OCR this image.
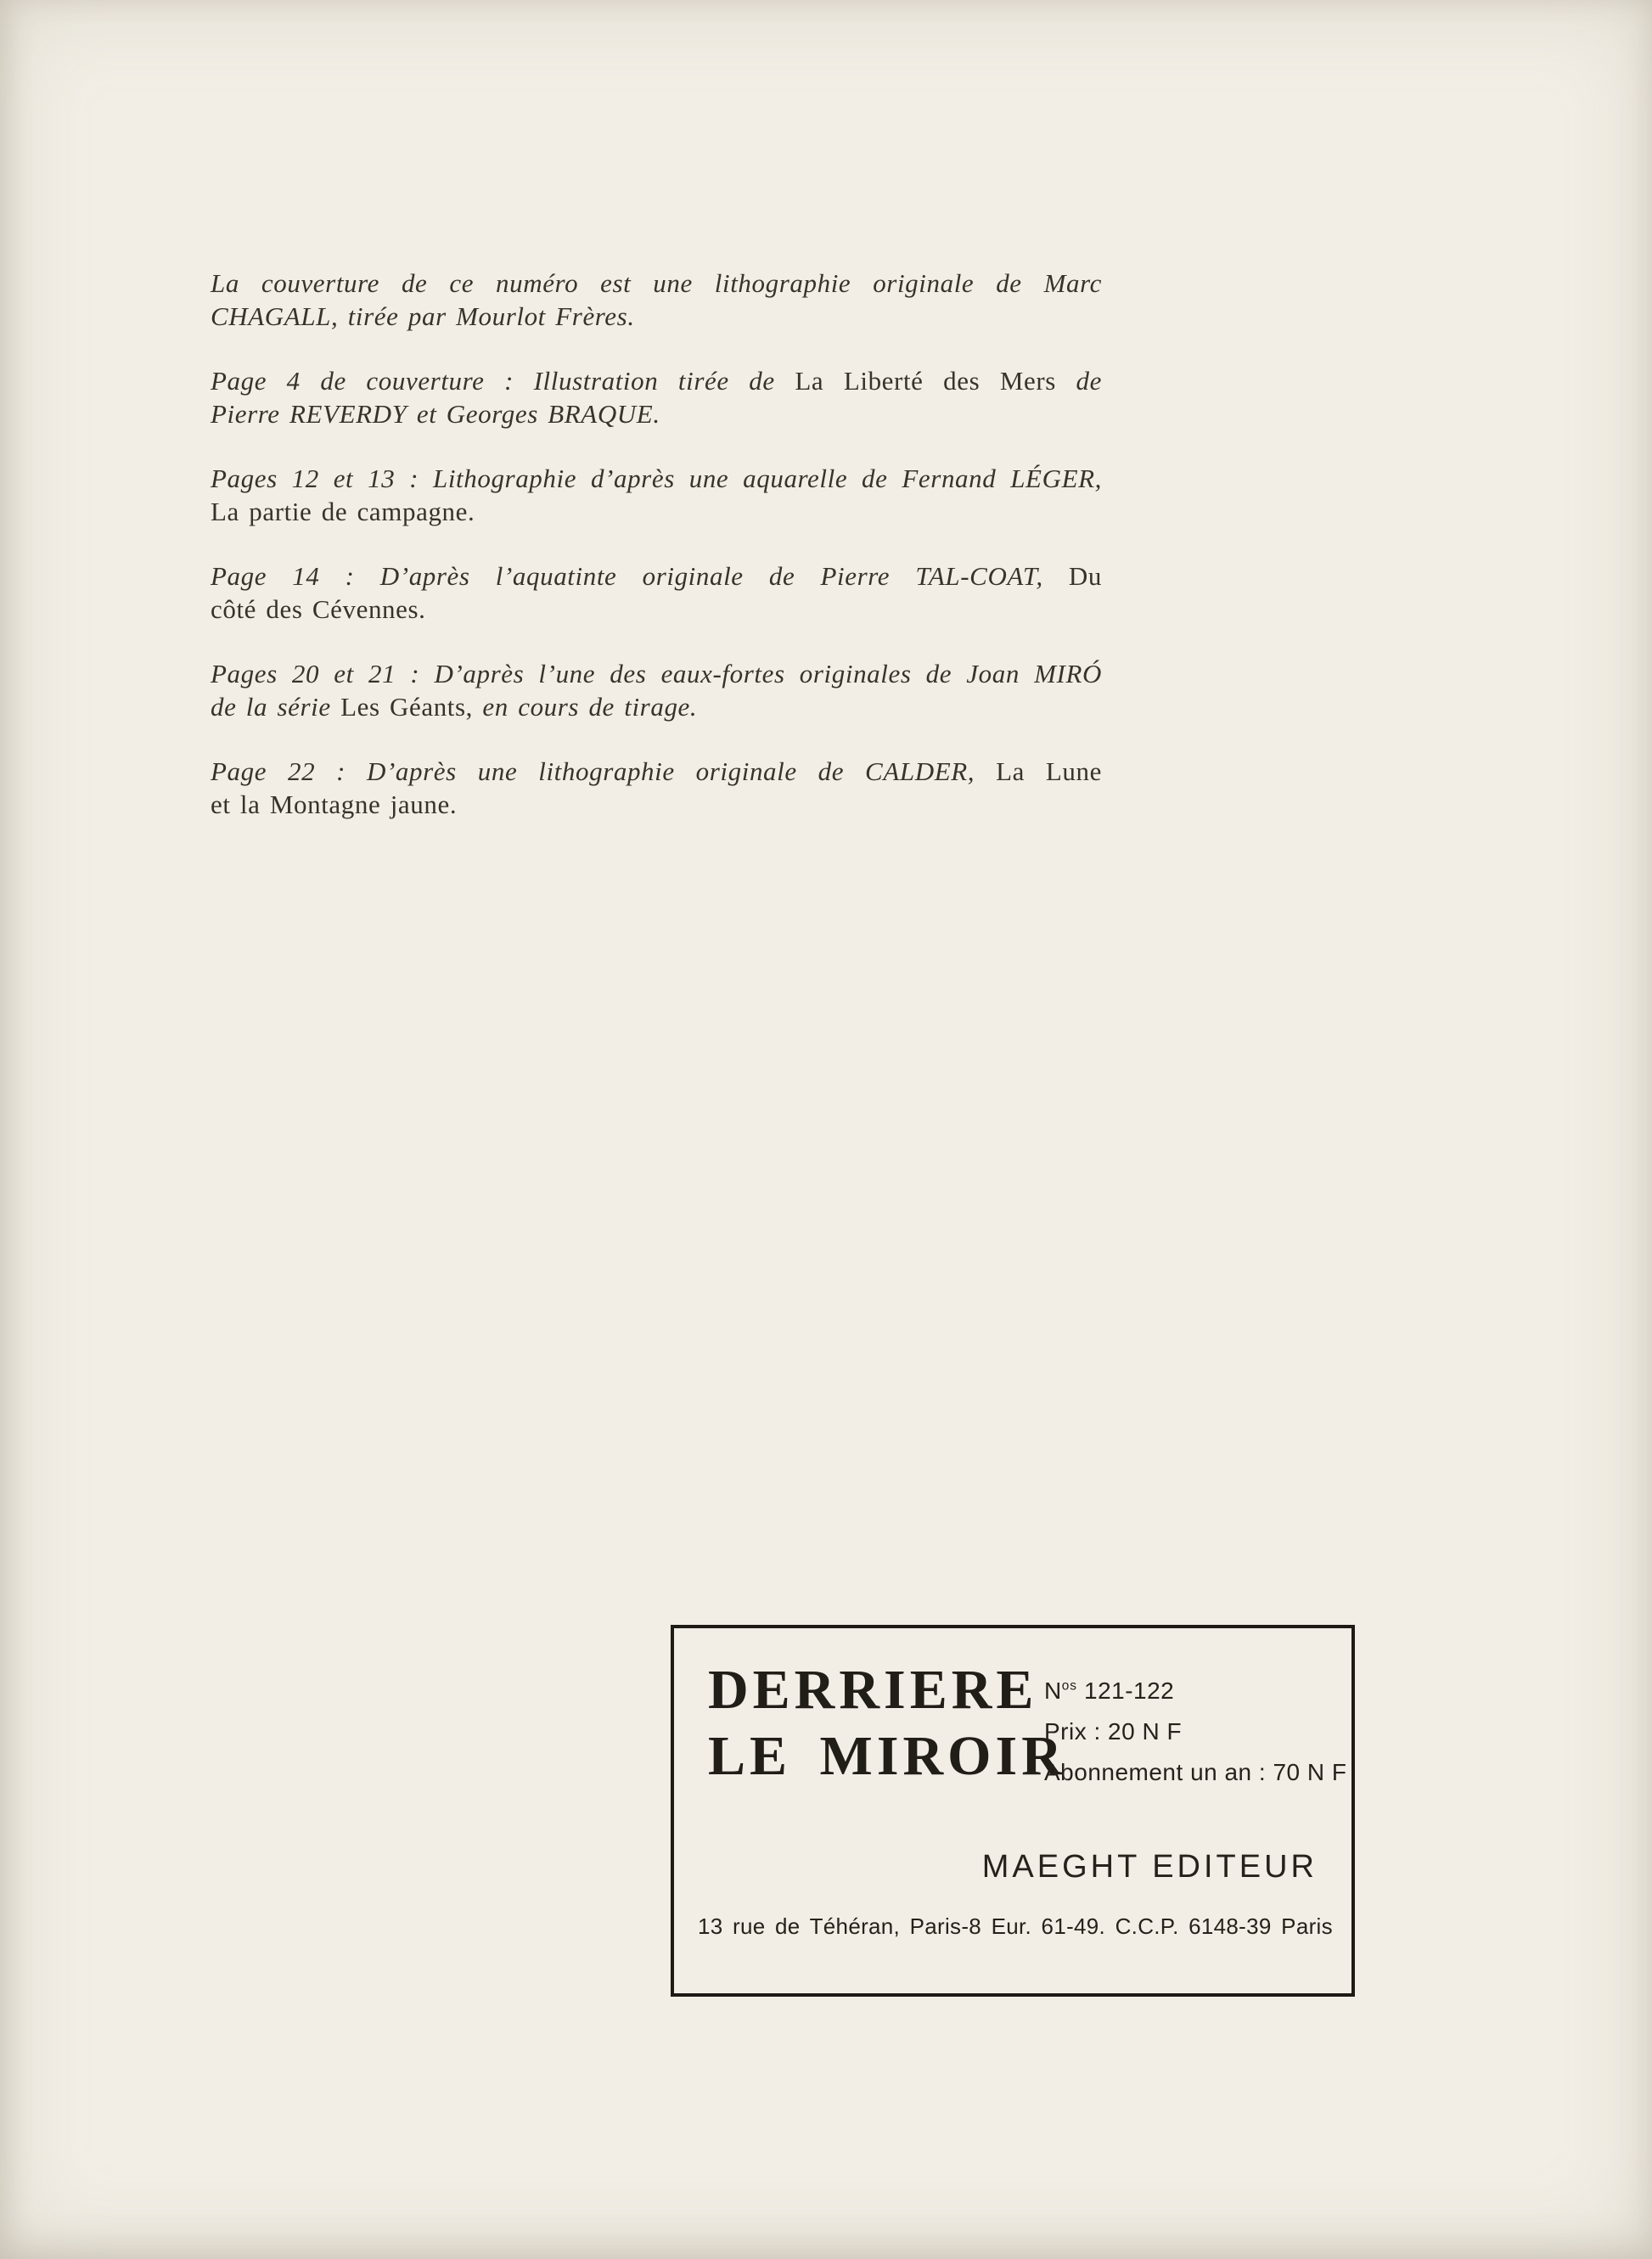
La couverture de ce numéro est une lithographie originale de Marc
CHAGALL, tirée par Mourlot Frères.
Page 4 de couverture : Illustration tirée de La Liberté des Mers de
Pierre REVERDY et Georges BRAQUE.
Pages 12 et 13 : Lithographie d’après une aquarelle de Fernand LÉGER,
La partie de campagne.
Page 14 : D’après l’aquatinte originale de Pierre TAL-COAT, Du
côté des Cévennes.
Pages 20 et 21 : D’après l’une des eaux-fortes originales de Joan MIRÓ
de la série Les Géants, en cours de tirage.
Page 22 : D’après une lithographie originale de CALDER, La Lune
et la Montagne jaune.
DERRIERE
LE MIROIR
$N^{os}$ 121-122
Prix : 20 N F
Abonnement un an : 70 N F
MAEGHT EDITEUR
13 rue de Téhéran, Paris-8 Eur. 61-49. C.C.P. 6148-39 Paris
